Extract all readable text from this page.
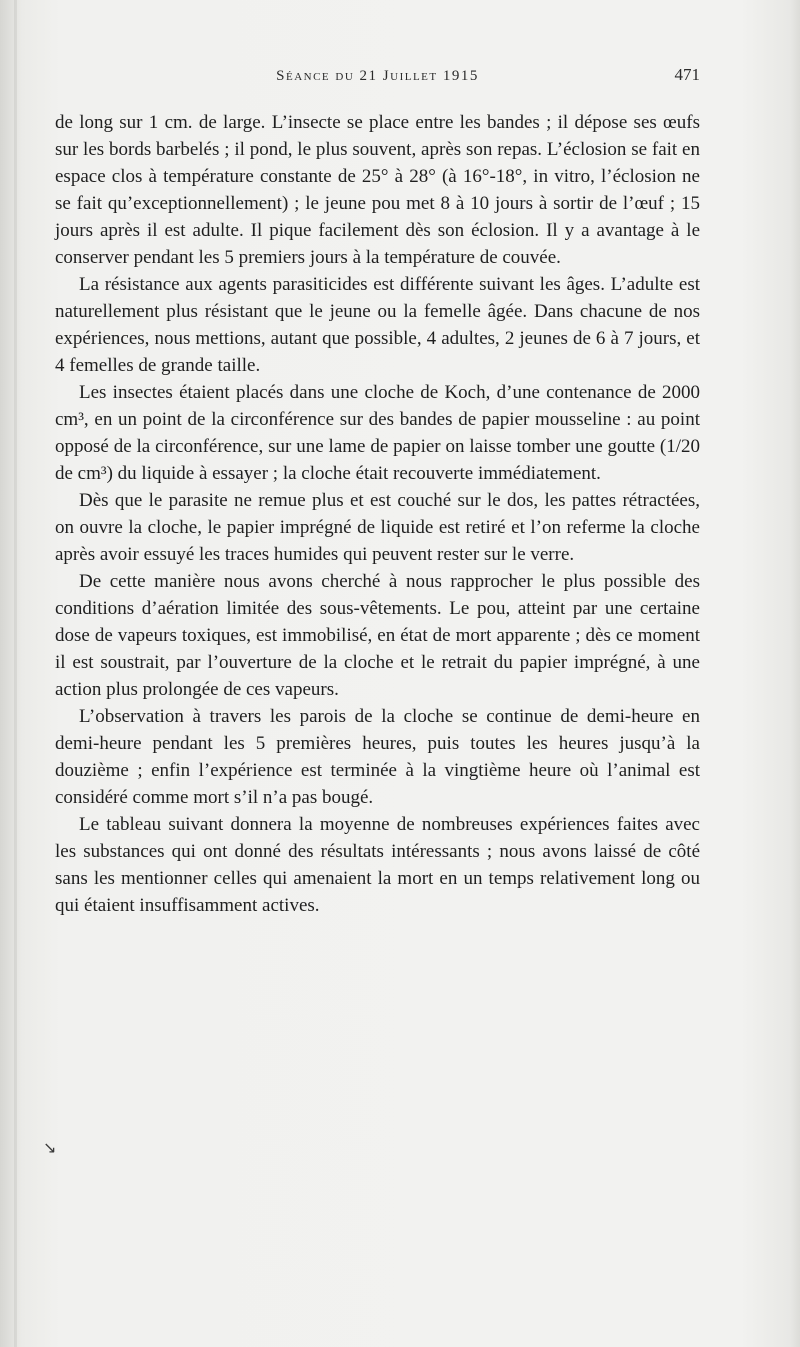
Séance du 21 Juillet 1915	471

de long sur 1 cm. de large. L’insecte se place entre les bandes ; il dépose ses œufs sur les bords barbelés ; il pond, le plus souvent, après son repas. L’éclosion se fait en espace clos à température constante de 25° à 28° (à 16°-18°, in vitro, l’éclosion ne se fait qu’exceptionnellement) ; le jeune pou met 8 à 10 jours à sortir de l’œuf ; 15 jours après il est adulte. Il pique facilement dès son éclosion. Il y a avantage à le conserver pendant les 5 premiers jours à la température de couvée.

La résistance aux agents parasiticides est différente suivant les âges. L’adulte est naturellement plus résistant que le jeune ou la femelle âgée. Dans chacune de nos expériences, nous mettions, autant que possible, 4 adultes, 2 jeunes de 6 à 7 jours, et 4 femelles de grande taille.

Les insectes étaient placés dans une cloche de Koch, d’une contenance de 2000 cm³, en un point de la circonférence sur des bandes de papier mousseline : au point opposé de la circonférence, sur une lame de papier on laisse tomber une goutte (1/20 de cm³) du liquide à essayer ; la cloche était recouverte immédiatement.

Dès que le parasite ne remue plus et est couché sur le dos, les pattes rétractées, on ouvre la cloche, le papier imprégné de liquide est retiré et l’on referme la cloche après avoir essuyé les traces humides qui peuvent rester sur le verre.

De cette manière nous avons cherché à nous rapprocher le plus possible des conditions d’aération limitée des sous-vêtements. Le pou, atteint par une certaine dose de vapeurs toxiques, est immobilisé, en état de mort apparente ; dès ce moment il est soustrait, par l’ouverture de la cloche et le retrait du papier imprégné, à une action plus prolongée de ces vapeurs.

L’observation à travers les parois de la cloche se continue de demi-heure en demi-heure pendant les 5 premières heures, puis toutes les heures jusqu’à la douzième ; enfin l’expérience est terminée à la vingtième heure où l’animal est considéré comme mort s’il n’a pas bougé.

Le tableau suivant donnera la moyenne de nombreuses expériences faites avec les substances qui ont donné des résultats intéressants ; nous avons laissé de côté sans les mentionner celles qui amenaient la mort en un temps relativement long ou qui étaient insuffisamment actives.

↘
